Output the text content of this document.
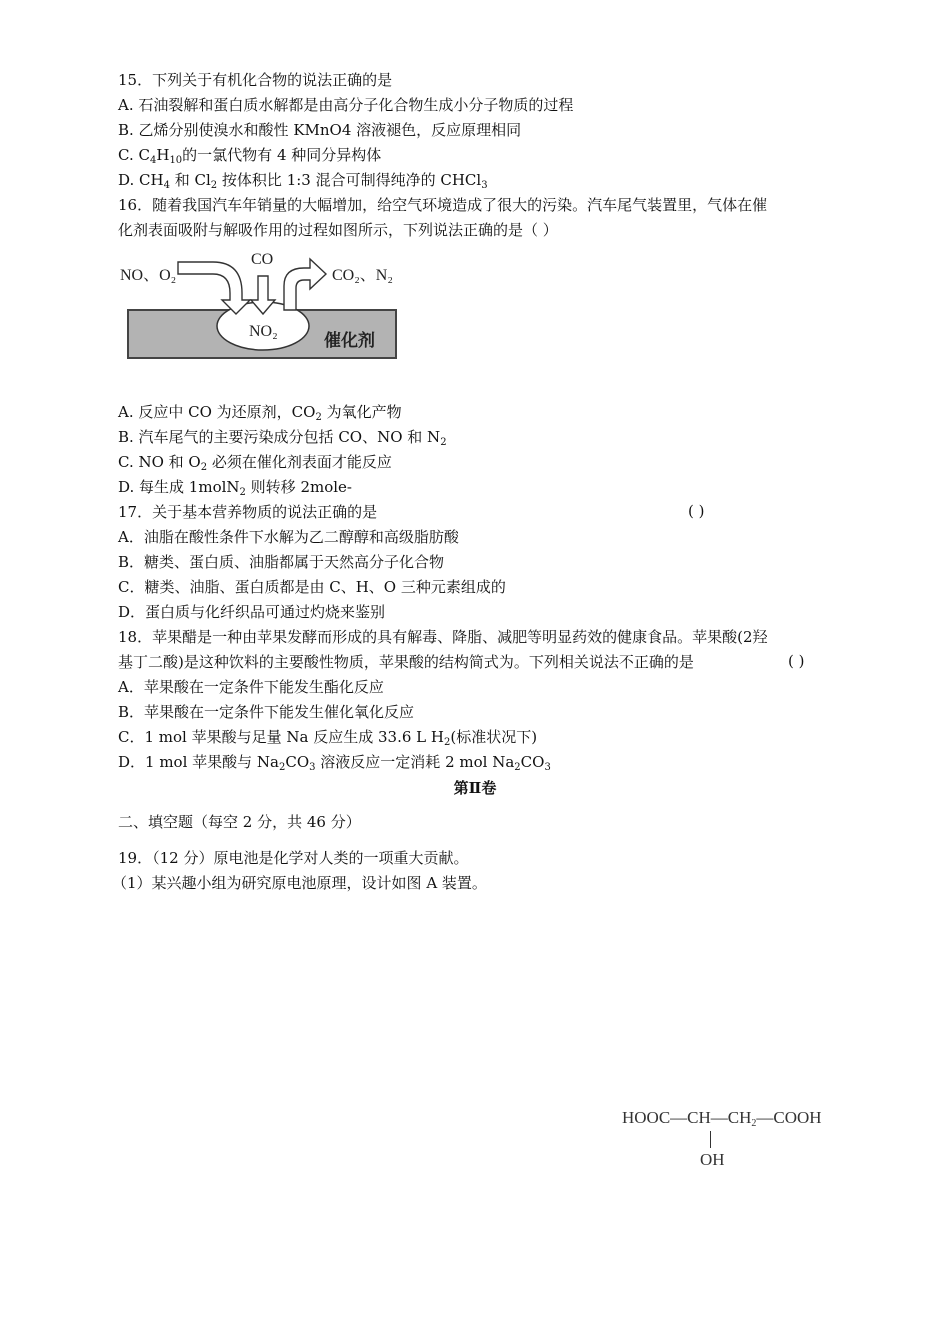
15．下列关于有机化合物的说法正确的是
A. 石油裂解和蛋白质水解都是由高分子化合物生成小分子物质的过程
B. 乙烯分别使溴水和酸性 KMnO4 溶液褪色，反应原理相同
C. $C_4H_{10}$的一氯代物有 4 种同分异构体
D. $CH_4$ 和 $Cl_2$ 按体积比 1:3 混合可制得纯净的 CHCl$_3$
16．随着我国汽车年销量的大幅增加，给空气环境造成了很大的污染。汽车尾气装置里，气体在催
化剂表面吸附与解吸作用的过程如图所示，下列说法正确的是（ ）
NO、O₂
CO
CO₂、N₂
NO₂	催化剂
A. 反应中 CO 为还原剂，$CO_2$ 为氧化产物
B. 汽车尾气的主要污染成分包括 CO、NO 和 $N_2$
C. NO 和 $O_2$ 必须在催化剂表面才能反应
D. 每生成 1molN$_2$ 则转移 2mole-
17．关于基本营养物质的说法正确的是	( )
A．油脂在酸性条件下水解为乙二醇醇和高级脂肪酸
B．糖类、蛋白质、油脂都属于天然高分子化合物
C．糖类、油脂、蛋白质都是由 C、H、O 三种元素组成的
D．蛋白质与化纤织品可通过灼烧来鉴别
18．苹果醋是一种由苹果发酵而形成的具有解毒、降脂、减肥等明显药效的健康食品。苹果酸(2羟
基丁二酸)是这种饮料的主要酸性物质，苹果酸的结构简式为。下列相关说法不正确的是	( )
A．苹果酸在一定条件下能发生酯化反应
B．苹果酸在一定条件下能发生催化氧化反应
C．1 mol 苹果酸与足量 Na 反应生成 33.6 L $H_2$(标准状况下)
D．1 mol 苹果酸与 $Na_2CO_3$ 溶液反应一定消耗 2 mol $Na_2CO_3$
第Ⅱ卷
二、填空题（每空 2 分，共 46 分）
19．（12 分）原电池是化学对人类的一项重大贡献。
（1）某兴趣小组为研究原电池原理，设计如图 A 装置。
$HOOC—CH—CH_2—COOH$
OH
